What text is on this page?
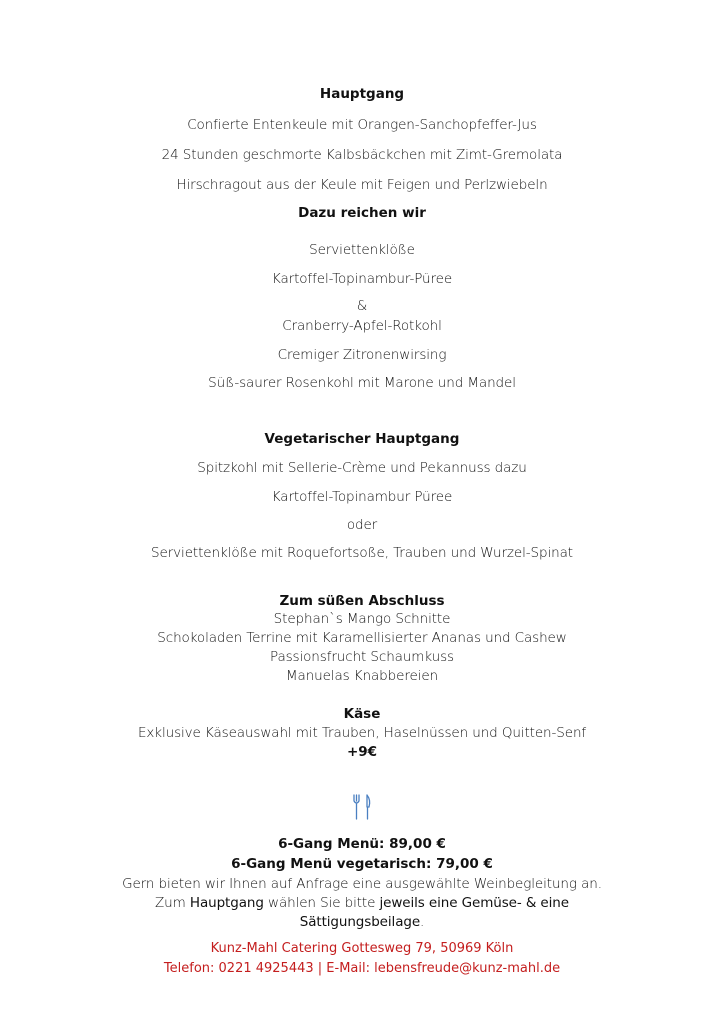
Hauptgang
Confierte Entenkeule mit Orangen-Sanchopfeffer-Jus
24 Stunden geschmorte Kalbsbäckchen mit Zimt-Gremolata
Hirschragout aus der Keule mit Feigen und Perlzwiebeln
Dazu reichen wir
Serviettenklöße
Kartoffel-Topinambur-Püree
&
Cranberry-Apfel-Rotkohl
Cremiger Zitronenwirsing
Süß-saurer Rosenkohl mit Marone und Mandel
Vegetarischer Hauptgang
Spitzkohl mit Sellerie-Crème und Pekannuss dazu
Kartoffel-Topinambur Püree
oder
Serviettenklöße mit Roquefortsoße, Trauben und Wurzel-Spinat
Zum süßen Abschluss
Stephan`s Mango Schnitte
Schokoladen Terrine mit Karamellisierter Ananas und Cashew
Passionsfrucht Schaumkuss
Manuelas Knabbereien
Käse
Exklusive Käseauswahl mit Trauben, Haselnüssen und Quitten-Senf
+9€
6-Gang Menü: 89,00 €
6-Gang Menü vegetarisch: 79,00 €
Gern bieten wir Ihnen auf Anfrage eine ausgewählte Weinbegleitung an.
Zum Hauptgang wählen Sie bitte jeweils eine Gemüse- & eine
Sättigungsbeilage.
Kunz-Mahl Catering Gottesweg 79, 50969 Köln
Telefon: 0221 4925443 | E-Mail: lebensfreude@kunz-mahl.de
